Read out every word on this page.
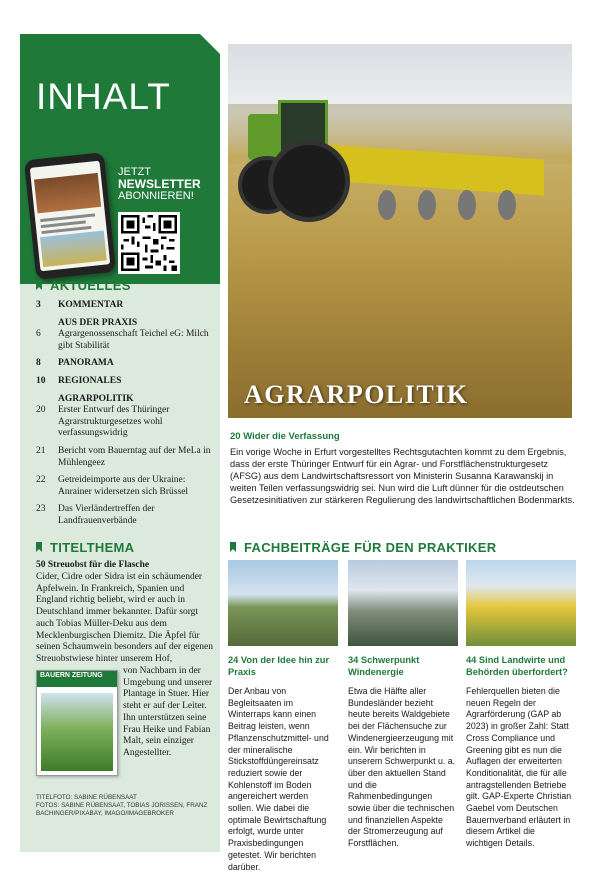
INHALT
JETZT
NEWSLETTER
ABONNIEREN!
AKTUELLES
3	KOMMENTAR
AUS DER PRAXIS
6	Agrargenossenschaft Teichel eG: Milch gibt Stabilität
8	PANORAMA
10	REGIONALES
AGRARPOLITIK
20	Erster Entwurf des Thüringer Agrarstrukturgesetzes wohl verfassungswidrig
21	Bericht vom Bauerntag auf der MeLa in Mühlengeez
22	Getreideimporte aus der Ukraine: Anrainer widersetzen sich Brüssel
23	Das Vierländertreffen der Landfrauenverbände
TITELTHEMA
50 Streuobst für die Flasche
Cider, Cidre oder Sidra ist ein schäumender Apfelwein. In Frankreich, Spanien und England richtig beliebt, wird er auch in Deutschland immer bekannter. Dafür sorgt auch Tobias Müller-Deku aus dem Mecklenburgischen Diemitz. Die Äpfel für seinen Schaumwein besonders auf der eigenen Streuobstwiese hinter unserem Hof,
BAUERN ZEITUNG	von Nachbarn in der Umgebung und unserer Plantage in Stuer. Hier steht er auf der Leiter. Ihn unterstützen seine Frau Heike und Fabian Malt, sein einziger Angestellter.
TITELFOTO: SABINE RÜBENSAAT
FOTOS: SABINE RÜBENSAAT, TOBIAS JORISSEN, FRANZ BACHINGER/PIXABAY, IMAGO/IMAGEBROKER
AGRARPOLITIK
20 Wider die Verfassung
Ein vorige Woche in Erfurt vorgestelltes Rechtsgutachten kommt zu dem Ergebnis, dass der erste Thüringer Entwurf für ein Agrar- und Forstflächenstrukturgesetz (AFSG) aus dem Landwirtschaftsressort von Ministerin Susanna Karawanskij in weiten Teilen verfassungswidrig sei. Nun wird die Luft dünner für die ostdeutschen Gesetzesinitiativen zur stärkeren Regulierung des landwirtschaftlichen Bodenmarkts.
FACHBEITRÄGE FÜR DEN PRAKTIKER
24 Von der Idee hin zur Praxis
Der Anbau von Begleitsaaten im Winterraps kann einen Beitrag leisten, wenn Pflanzenschutzmittel- und der mineralische Stickstoffdüngereinsatz reduziert sowie der Kohlenstoff im Boden angereichert werden sollen. Wie dabei die optimale Bewirtschaftung erfolgt, wurde unter Praxisbedingungen getestet. Wir berichten darüber.
34 Schwerpunkt Windenergie
Etwa die Hälfte aller Bundesländer bezieht heute bereits Waldgebiete bei der Flächensuche zur Windenergieerzeugung mit ein. Wir berichten in unserem Schwerpunkt u. a. über den aktuellen Stand und die Rahmenbedingungen sowie über die technischen und finanziellen Aspekte der Stromerzeugung auf Forstflächen.
44 Sind Landwirte und Behörden überfordert?
Fehlerquellen bieten die neuen Regeln der Agrarförderung (GAP ab 2023) in großer Zahl: Statt Cross Compliance und Greening gibt es nun die Auflagen der erweiterten Konditionalität, die für alle antragstellenden Betriebe gilt. GAP-Experte Christian Gaebel vom Deutschen Bauernverband erläutert in diesem Artikel die wichtigen Details.
